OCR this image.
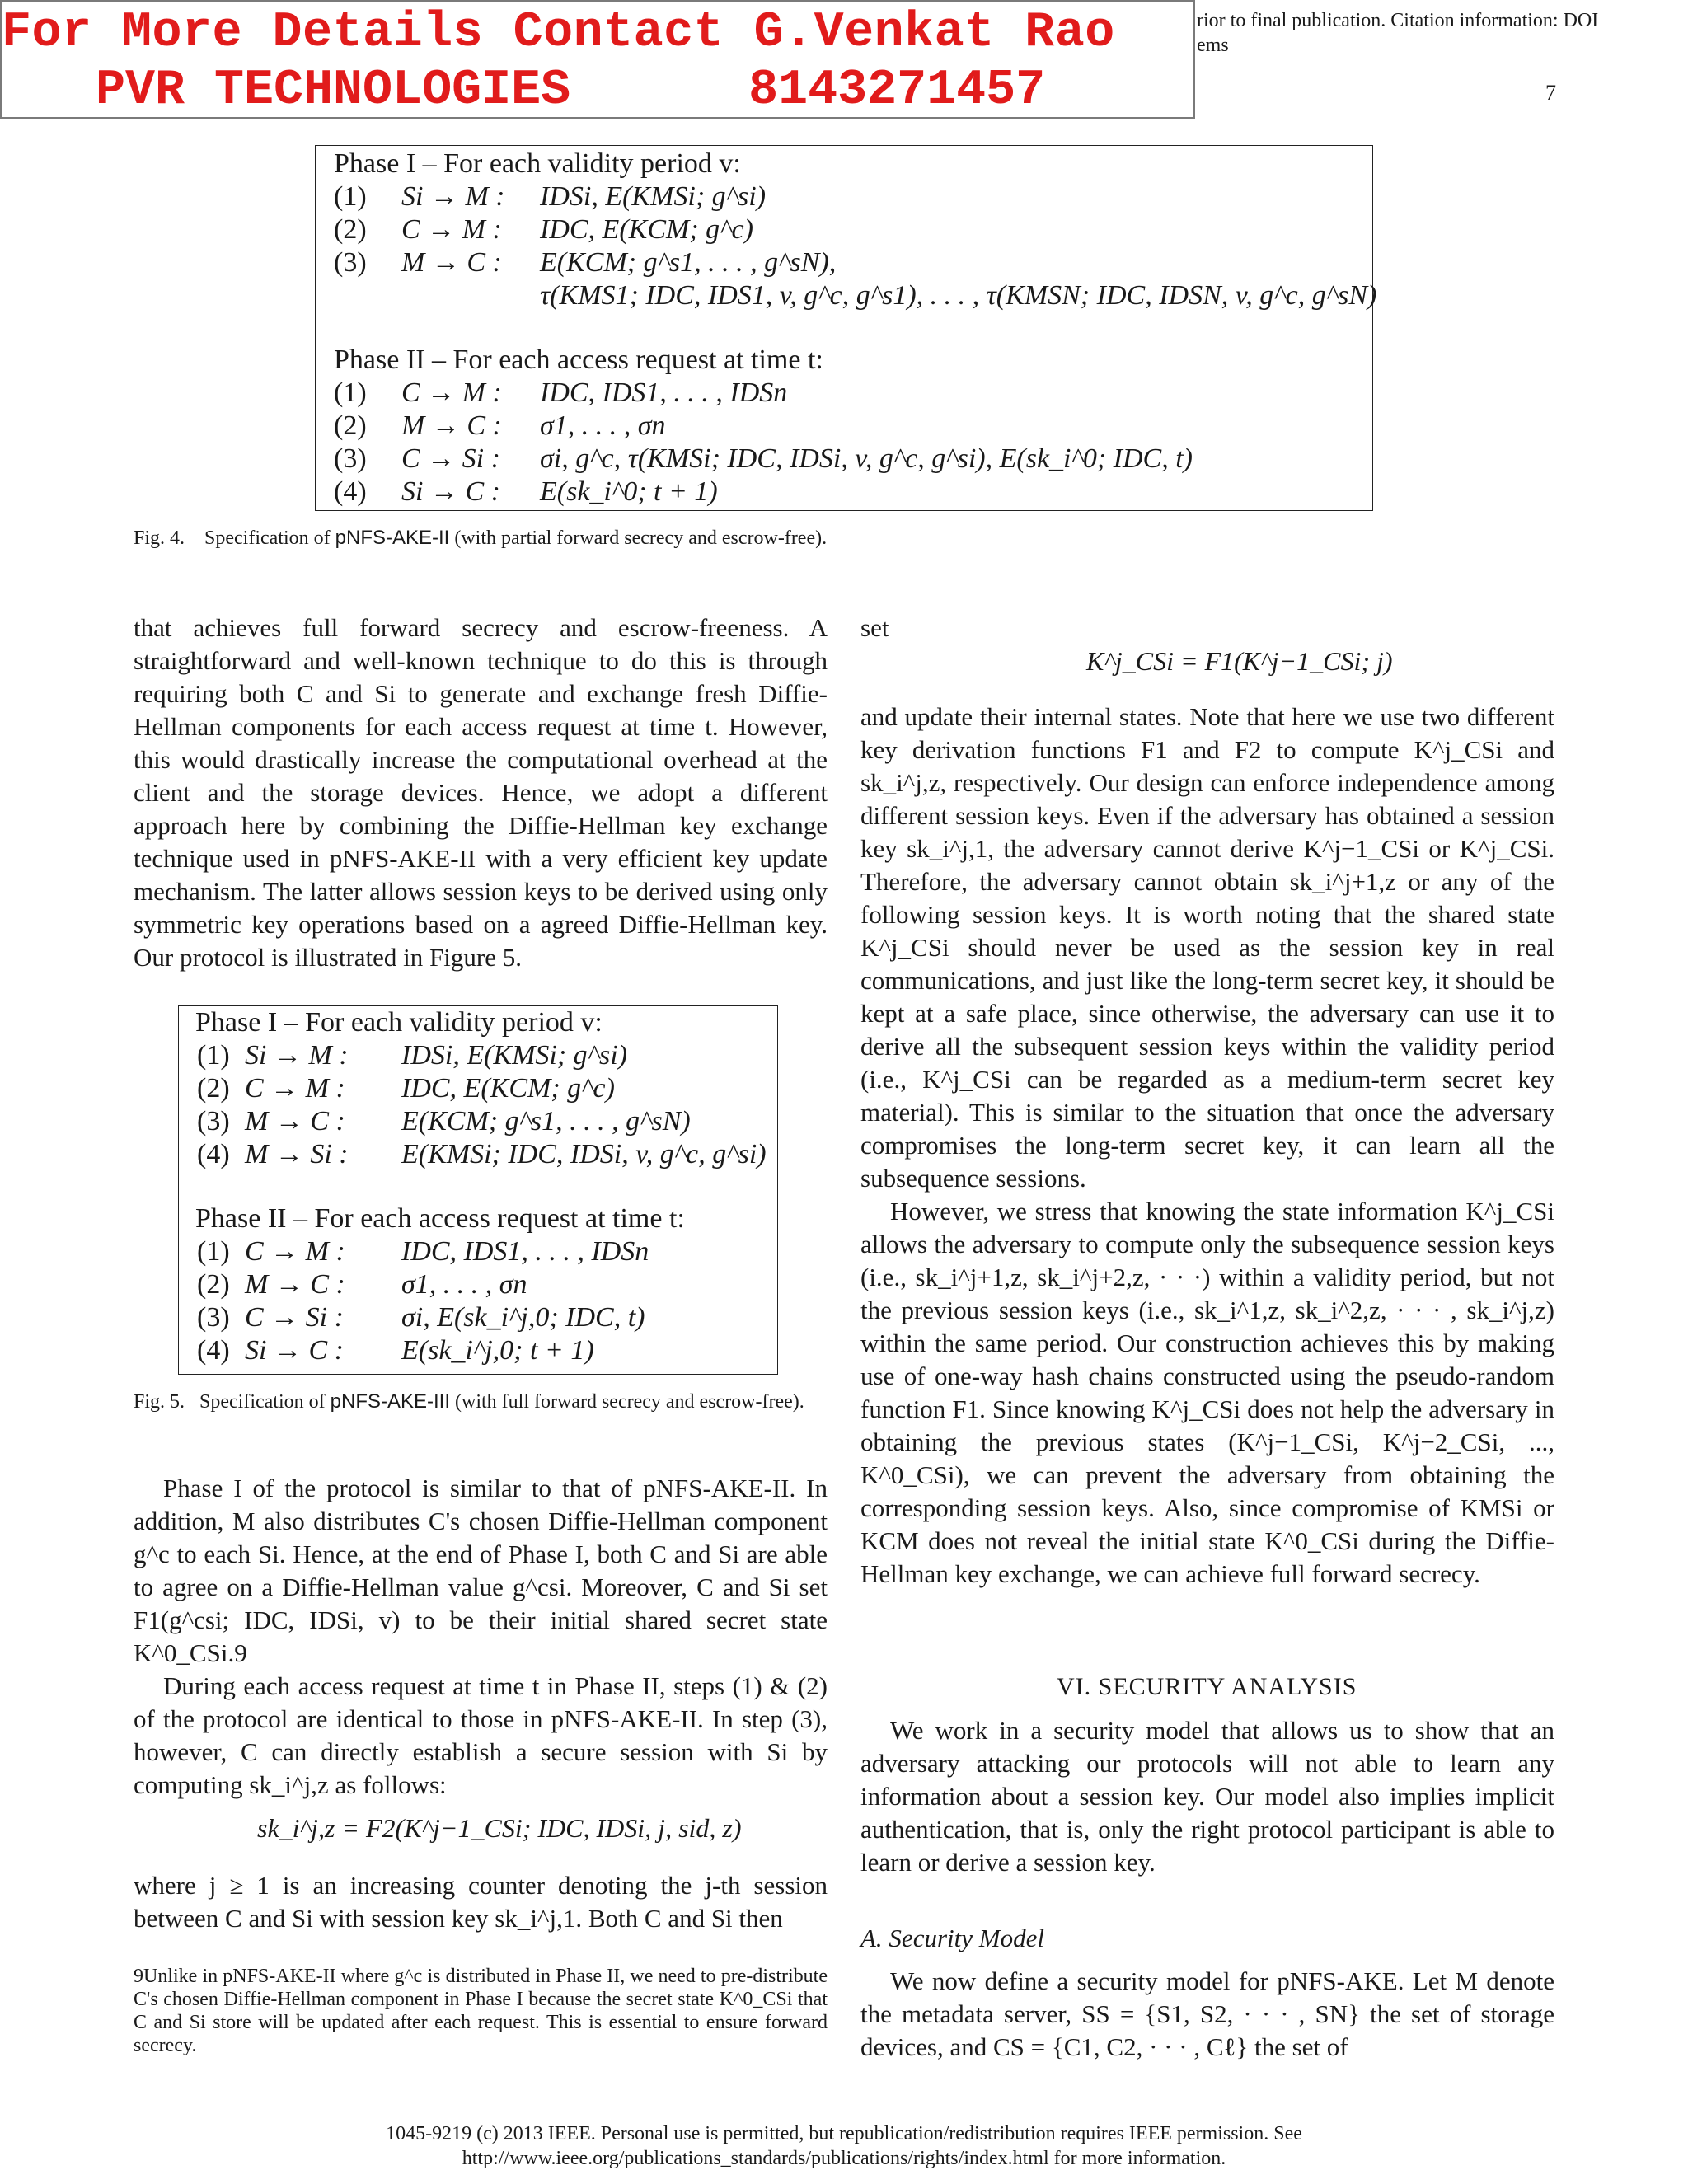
For More Details Contact G.Venkat Rao
PVR TECHNOLOGIES      8143271457
rior to final publication. Citation information: DOI
ems
7
Phase I – For each validity period v:
Phase II – For each access request at time t:
(1) Si → M : IDSi, E(KMSi; g^si)
(2) C → M : IDC, E(KCM; g^c)
(3) M → C : E(KCM; g^s1, . . . , g^sN),
τ(KMS1; IDC, IDS1, v, g^c, g^s1), . . . , τ(KMSN; IDC, IDSN, v, g^c, g^sN)
(1) C → M : IDC, IDS1, . . . , IDSn
(2) M → C : σ1, . . . , σn
(3) C → Si : σi, g^c, τ(KMSi; IDC, IDSi, v, g^c, g^si), E(sk_i^0; IDC, t)
(4) Si → C : E(sk_i^0; t + 1)
Fig. 4. Specification of pNFS-AKE-II (with partial forward secrecy and escrow-free).
that achieves full forward secrecy and escrow-freeness. A straightforward and well-known technique to do this is through requiring both C and Si to generate and exchange fresh Diffie-Hellman components for each access request at time t. However, this would drastically increase the computational overhead at the client and the storage devices. Hence, we adopt a different approach here by combining the Diffie-Hellman key exchange technique used in pNFS-AKE-II with a very efficient key update mechanism. The latter allows session keys to be derived using only symmetric key operations based on a agreed Diffie-Hellman key. Our protocol is illustrated in Figure 5.
Phase I – For each validity period v:
Phase II – For each access request at time t:
(1) Si → M : IDSi, E(KMSi; g^si)
(2) C → M : IDC, E(KCM; g^c)
(3) M → C : E(KCM; g^s1, . . . , g^sN)
(4) M → Si : E(KMSi; IDC, IDSi, v, g^c, g^si)
(1) C → M : IDC, IDS1, . . . , IDSn
(2) M → C : σ1, . . . , σn
(3) C → Si : σi, E(sk_i^j,0; IDC, t)
(4) Si → C : E(sk_i^j,0; t + 1)
Fig. 5. Specification of pNFS-AKE-III (with full forward secrecy and escrow-free).
Phase I of the protocol is similar to that of pNFS-AKE-II. In addition, M also distributes C's chosen Diffie-Hellman component g^c to each Si. Hence, at the end of Phase I, both C and Si are able to agree on a Diffie-Hellman value g^csi. Moreover, C and Si set F1(g^csi; IDC, IDSi, v) to be their initial shared secret state K^0_CSi.9
During each access request at time t in Phase II, steps (1) & (2) of the protocol are identical to those in pNFS-AKE-II. In step (3), however, C can directly establish a secure session with Si by computing sk_i^j,z as follows:
sk_i^j,z = F2(K^j−1_CSi; IDC, IDSi, j, sid, z)
where j ≥ 1 is an increasing counter denoting the j-th session between C and Si with session key sk_i^j,1. Both C and Si then
9Unlike in pNFS-AKE-II where g^c is distributed in Phase II, we need to pre-distribute C's chosen Diffie-Hellman component in Phase I because the secret state K^0_CSi that C and Si store will be updated after each request. This is essential to ensure forward secrecy.
set
K^j_CSi = F1(K^j−1_CSi; j)
and update their internal states. Note that here we use two different key derivation functions F1 and F2 to compute K^j_CSi and sk_i^j,z, respectively. Our design can enforce independence among different session keys. Even if the adversary has obtained a session key sk_i^j,1, the adversary cannot derive K^j−1_CSi or K^j_CSi. Therefore, the adversary cannot obtain sk_i^j+1,z or any of the following session keys. It is worth noting that the shared state K^j_CSi should never be used as the session key in real communications, and just like the long-term secret key, it should be kept at a safe place, since otherwise, the adversary can use it to derive all the subsequent session keys within the validity period (i.e., K^j_CSi can be regarded as a medium-term secret key material). This is similar to the situation that once the adversary compromises the long-term secret key, it can learn all the subsequence sessions.
However, we stress that knowing the state information K^j_CSi allows the adversary to compute only the subsequence session keys (i.e., sk_i^j+1,z, sk_i^j+2,z, · · ·) within a validity period, but not the previous session keys (i.e., sk_i^1,z, sk_i^2,z, · · · , sk_i^j,z) within the same period. Our construction achieves this by making use of one-way hash chains constructed using the pseudo-random function F1. Since knowing K^j_CSi does not help the adversary in obtaining the previous states (K^j−1_CSi, K^j−2_CSi, ..., K^0_CSi), we can prevent the adversary from obtaining the corresponding session keys. Also, since compromise of KMSi or KCM does not reveal the initial state K^0_CSi during the Diffie-Hellman key exchange, we can achieve full forward secrecy.
VI. SECURITY ANALYSIS
We work in a security model that allows us to show that an adversary attacking our protocols will not able to learn any information about a session key. Our model also implies implicit authentication, that is, only the right protocol participant is able to learn or derive a session key.
A. Security Model
We now define a security model for pNFS-AKE. Let M denote the metadata server, SS = {S1, S2, · · · , SN} the set of storage devices, and CS = {C1, C2, · · · , Cℓ} the set of
1045-9219 (c) 2013 IEEE. Personal use is permitted, but republication/redistribution requires IEEE permission. See
http://www.ieee.org/publications_standards/publications/rights/index.html for more information.
